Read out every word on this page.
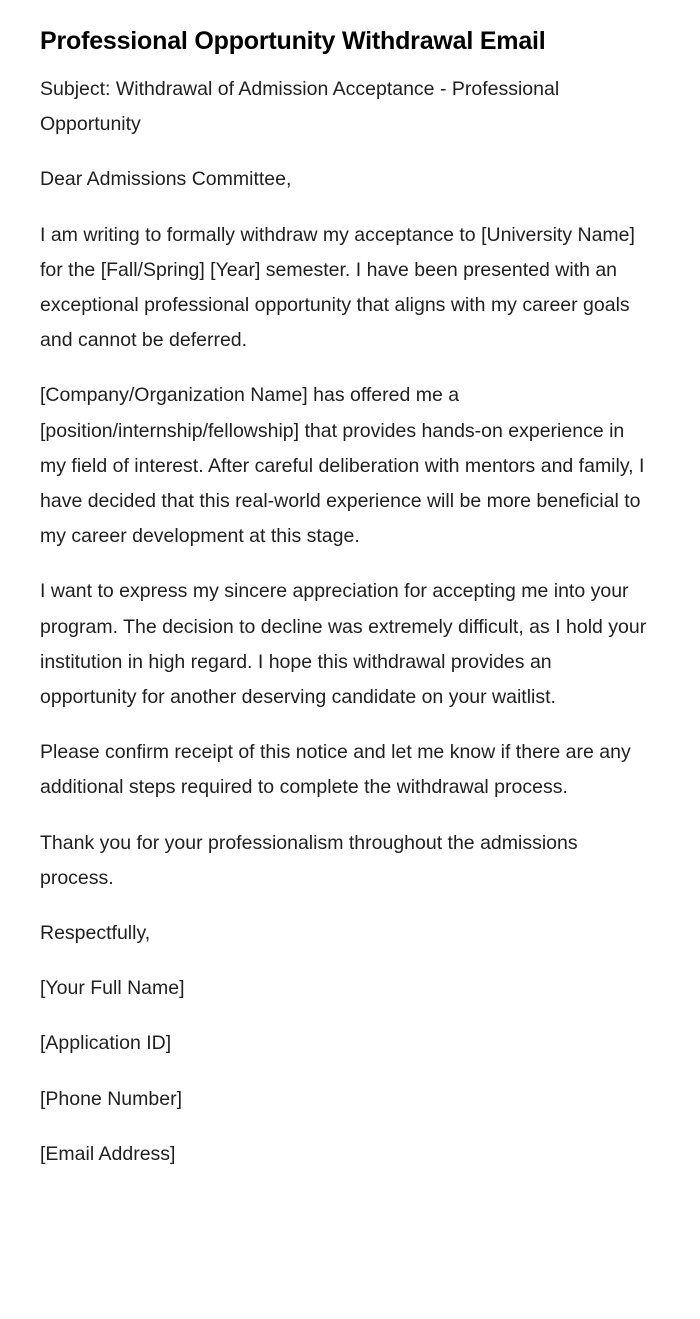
Professional Opportunity Withdrawal Email

Subject: Withdrawal of Admission Acceptance - Professional Opportunity

Dear Admissions Committee,

I am writing to formally withdraw my acceptance to [University Name] for the [Fall/Spring] [Year] semester. I have been presented with an exceptional professional opportunity that aligns with my career goals and cannot be deferred.

[Company/Organization Name] has offered me a [position/internship/fellowship] that provides hands-on experience in my field of interest. After careful deliberation with mentors and family, I have decided that this real-world experience will be more beneficial to my career development at this stage.

I want to express my sincere appreciation for accepting me into your program. The decision to decline was extremely difficult, as I hold your institution in high regard. I hope this withdrawal provides an opportunity for another deserving candidate on your waitlist.

Please confirm receipt of this notice and let me know if there are any additional steps required to complete the withdrawal process.

Thank you for your professionalism throughout the admissions process.

Respectfully,

[Your Full Name]

[Application ID]

[Phone Number]

[Email Address]
